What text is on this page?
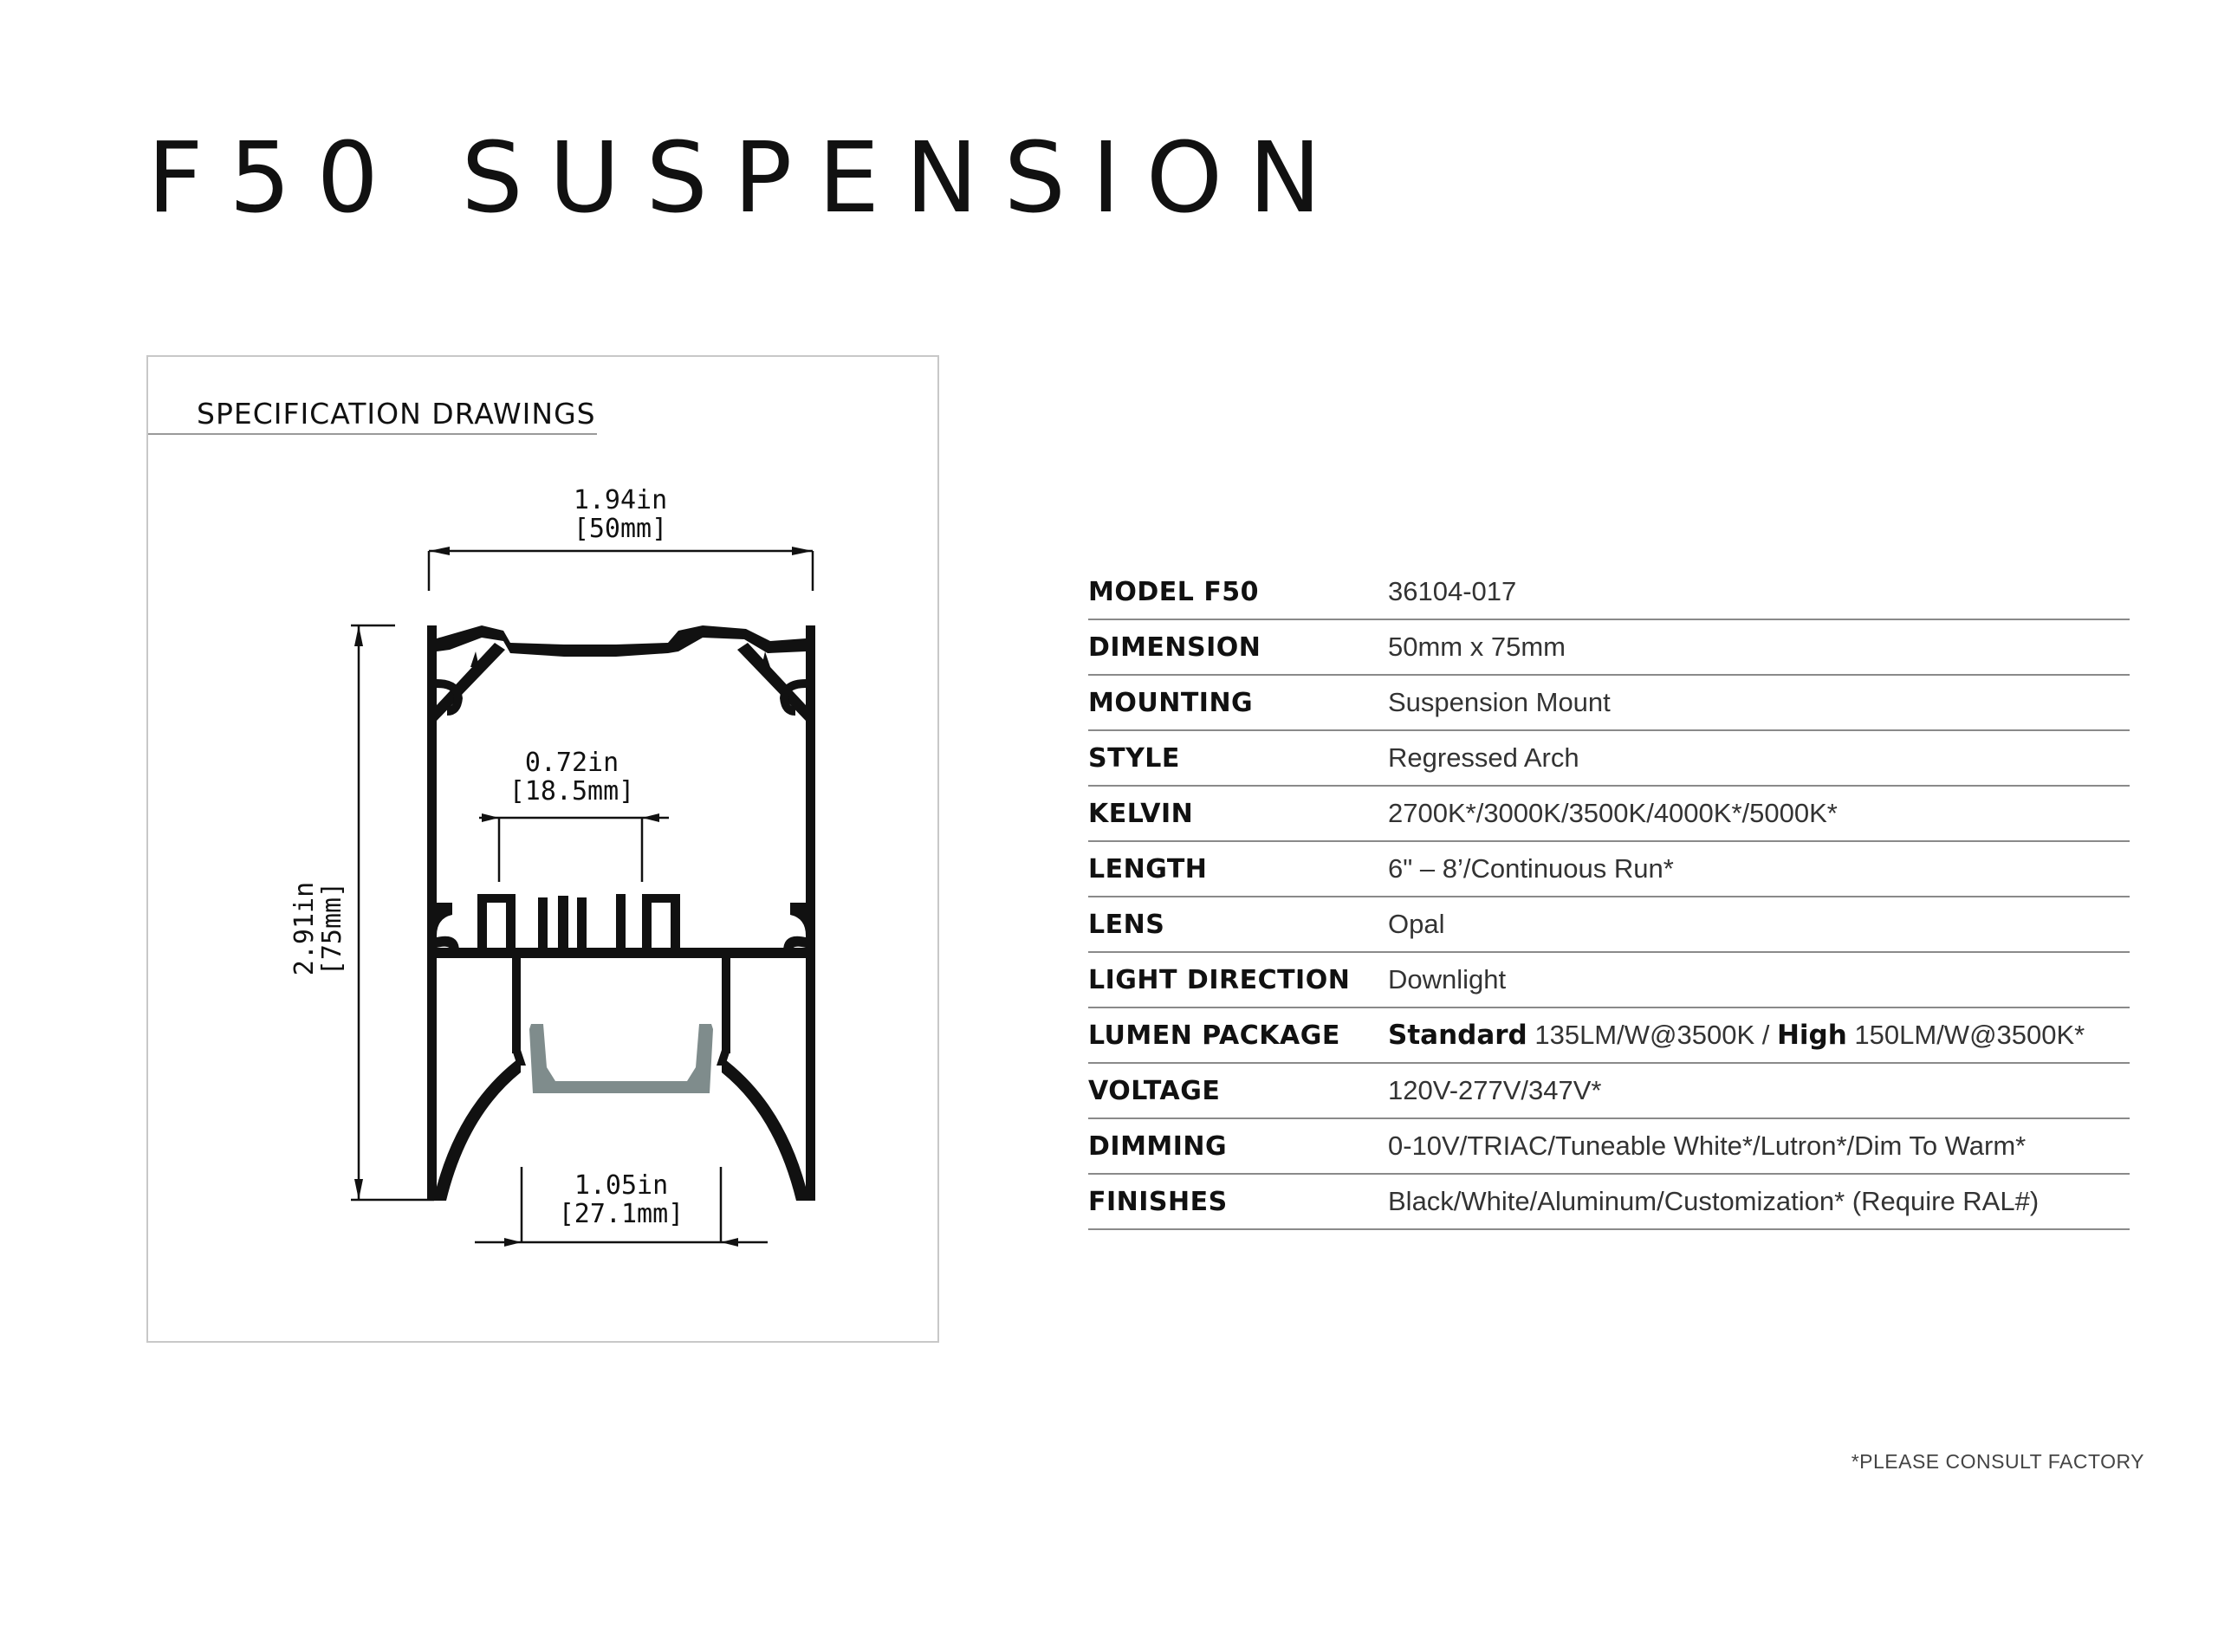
F50 SUSPENSION
SPECIFICATION DRAWINGS
1.94in
[50mm]
2.91in
[75mm]
0.72in
[18.5mm]
1.05in
[27.1mm]
MODEL F50	36104-017
DIMENSION	50mm x 75mm
MOUNTING	Suspension Mount
STYLE	Regressed Arch
KELVIN	2700K*/3000K/3500K/4000K*/5000K*
LENGTH	6" – 8’/Continuous Run*
LENS	Opal
LIGHT DIRECTION	Downlight
LUMEN PACKAGE	Standard 135LM/W@3500K / High 150LM/W@3500K*
VOLTAGE	120V-277V/347V*
DIMMING	0-10V/TRIAC/Tuneable White*/Lutron*/Dim To Warm*
FINISHES	Black/White/Aluminum/Customization* (Require RAL#)
*PLEASE CONSULT FACTORY
